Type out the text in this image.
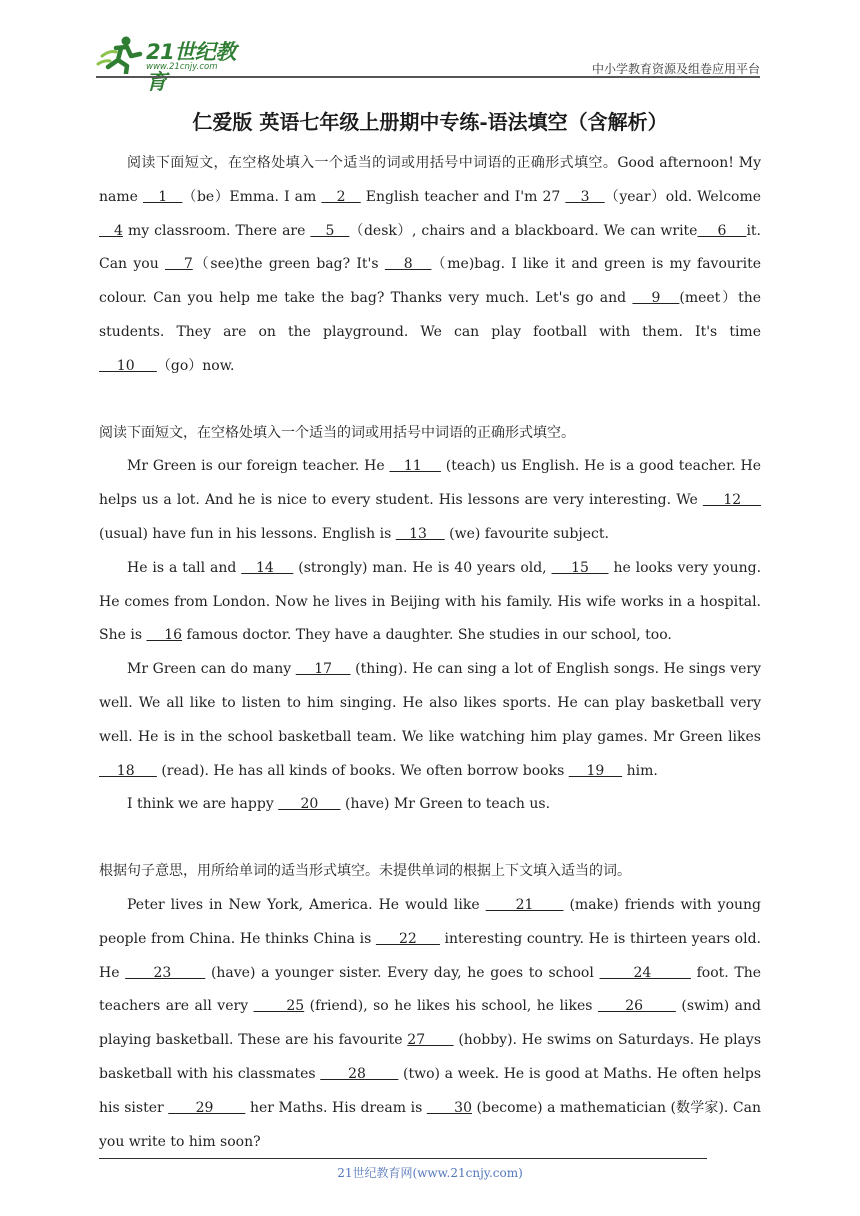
21世纪教育
www.21cnjy.com	中小学教育资源及组卷应用平台
仁爱版 英语七年级上册期中专练-语法填空（含解析）

阅读下面短文，在空格处填入一个适当的词或用括号中词语的正确形式填空。Good afternoon! My name    1   （be）Emma. I am    2    English teacher and I'm 27    3   （year）old. Welcome    4 my classroom. There are    5   （desk）, chairs and a blackboard. We can write    6    it. Can you    7（see)the green bag? It's    8   （me)bag. I like it and green is my favourite colour. Can you help me take the bag? Thanks very much. Let's go and    9   (meet）the students. They are on the playground. We can play football with them. It's time     10     （go）now.

阅读下面短文，在空格处填入一个适当的词或用括号中词语的正确形式填空。

Mr Green is our foreign teacher. He    11     (teach) us English. He is a good teacher. He helps us a lot. And he is nice to every student. His lessons are very interesting. We     12     (usual) have fun in his lessons. English is    13     (we) favourite subject.

He is a tall and    14     (strongly) man. He is 40 years old,     15     he looks very young. He comes from London. Now he lives in Beijing with his family. His wife works in a hospital. She is     16 famous doctor. They have a daughter. She studies in our school, too.

Mr Green can do many     17     (thing). He can sing a lot of English songs. He sings very well. We all like to listen to him singing. He also likes sports. He can play basketball very well. He is in the school basketball team. We like watching him play games. Mr Green likes     18      (read). He has all kinds of books. We often borrow books     19     him.

I think we are happy      20      (have) Mr Green to teach us.

根据句子意思，用所给单词的适当形式填空。未提供单词的根据上下文填入适当的词。

Peter lives in New York, America. He would like      21      (make) friends with young people from China. He thinks China is      22      interesting country. He is thirteen years old. He      23       (have) a younger sister. Every day, he goes to school       24        foot. The teachers are all very       25 (friend), so he likes his school, he likes      26       (swim) and playing basketball. These are his favourite 27       (hobby). He swims on Saturdays. He plays basketball with his classmates       28        (two) a week. He is good at Maths. He often helps his sister       29        her Maths. His dream is       30 (become) a mathematician (数学家). Can you write to him soon?

21世纪教育网(www.21cnjy.com)
